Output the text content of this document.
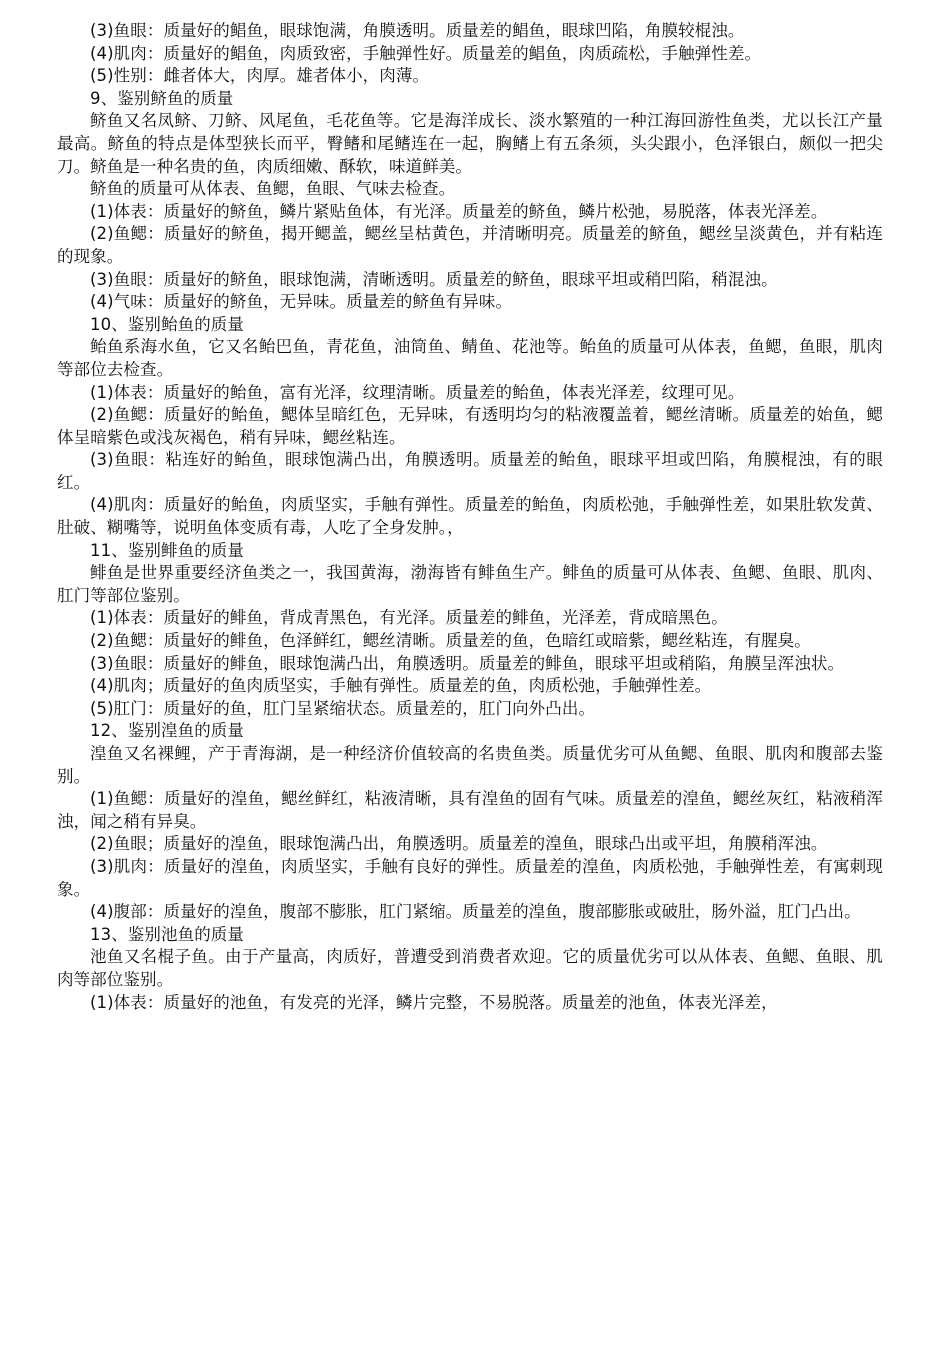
(3)鱼眼：质量好的鲳鱼，眼球饱满，角膜透明。质量差的鲳鱼，眼球凹陷，角膜较棍浊。

(4)肌肉：质量好的鲳鱼，肉质致密，手触弹性好。质量差的鲳鱼，肉质疏松，手触弹性差。

(5)性别：雌者体大，肉厚。雄者体小，肉薄。

9、鉴别鲚鱼的质量

鲚鱼又名凤鲚、刀鲚、风尾鱼，毛花鱼等。它是海洋成长、淡水繁殖的一种江海回游性鱼类，尤以长江产量最高。鲚鱼的特点是体型狭长而平，臀鳍和尾鳍连在一起，胸鳍上有五条须，头尖跟小，色泽银白，颇似一把尖刀。鲚鱼是一种名贵的鱼，肉质细嫩、酥软，味道鲜美。

鲚鱼的质量可从体表、鱼鳃，鱼眼、气味去检查。

(1)体表：质量好的鲚鱼，鳞片紧贴鱼体，有光泽。质量差的鲚鱼，鳞片松弛，易脱落，体表光泽差。

(2)鱼鳃：质量好的鲚鱼，揭开鳃盖，鳃丝呈枯黄色，并清晰明亮。质量差的鲚鱼，鳃丝呈淡黄色，并有粘连的现象。

(3)鱼眼：质量好的鲚鱼，眼球饱满，清晰透明。质量差的鲚鱼，眼球平坦或稍凹陷，稍混浊。

(4)气味：质量好的鲚鱼，无异味。质量差的鲚鱼有异味。

10、鉴别鲐鱼的质量

鲐鱼系海水鱼，它又名鲐巴鱼，青花鱼，油筒鱼、鲭鱼、花池等。鲐鱼的质量可从体表，鱼鳃，鱼眼，肌肉等部位去检查。

(1)体表：质量好的鲐鱼，富有光泽，纹理清晰。质量差的鲐鱼，体表光泽差，纹理可见。

(2)鱼鳃：质量好的鲐鱼，鳃体呈暗红色，无异味，有透明均匀的粘液覆盖着，鳃丝清晰。质量差的始鱼，鳃体呈暗紫色或浅灰褐色，稍有异味，鳃丝粘连。

(3)鱼眼：粘连好的鲐鱼，眼球饱满凸出，角膜透明。质量差的鲐鱼，眼球平坦或凹陷，角膜棍浊，有的眼红。

(4)肌肉：质量好的鲐鱼，肉质坚实，手触有弹性。质量差的鲐鱼，肉质松弛，手触弹性差，如果肚软发黄、肚破、糊嘴等，说明鱼体变质有毒，人吃了全身发肿。，

11、鉴别鲱鱼的质量

鲱鱼是世界重要经济鱼类之一，我国黄海，渤海皆有鲱鱼生产。鲱鱼的质量可从体表、鱼鳃、鱼眼、肌肉、肛门等部位鉴别。

(1)体表：质量好的鲱鱼，背成青黑色，有光泽。质量差的鲱鱼，光泽差，背成暗黑色。

(2)鱼鳃：质量好的鲱鱼，色泽鲜红，鳃丝清晰。质量差的鱼，色暗红或暗紫，鳃丝粘连，有腥臭。

(3)鱼眼：质量好的鲱鱼，眼球饱满凸出，角膜透明。质量差的鲱鱼，眼球平坦或稍陷，角膜呈浑浊状。

(4)肌肉；质量好的鱼肉质坚实，手触有弹性。质量差的鱼，肉质松弛，手触弹性差。

(5)肛门：质量好的鱼，肛门呈紧缩状态。质量差的，肛门向外凸出。

12、鉴别湟鱼的质量

湟鱼又名裸鲤，产于青海湖，是一种经济价值较高的名贵鱼类。质量优劣可从鱼鳃、鱼眼、肌肉和腹部去鉴别。

(1)鱼鳃：质量好的湟鱼，鳃丝鲜红，粘液清晰，具有湟鱼的固有气味。质量差的湟鱼，鳃丝灰红，粘液稍浑浊，闻之稍有异臭。

(2)鱼眼；质量好的湟鱼，眼球饱满凸出，角膜透明。质量差的湟鱼，眼球凸出或平坦，角膜稍浑浊。

(3)肌肉：质量好的湟鱼，肉质坚实，手触有良好的弹性。质量差的湟鱼，肉质松弛，手触弹性差，有寓刺现象。

(4)腹部：质量好的湟鱼，腹部不膨胀，肛门紧缩。质量差的湟鱼，腹部膨胀或破肚，肠外溢，肛门凸出。

13、鉴别池鱼的质量

池鱼又名棍子鱼。由于产量高，肉质好，普遭受到消费者欢迎。它的质量优劣可以从体表、鱼鳃、鱼眼、肌肉等部位鉴别。

(1)体表：质量好的池鱼，有发亮的光泽，鳞片完整，不易脱落。质量差的池鱼，体表光泽差，
